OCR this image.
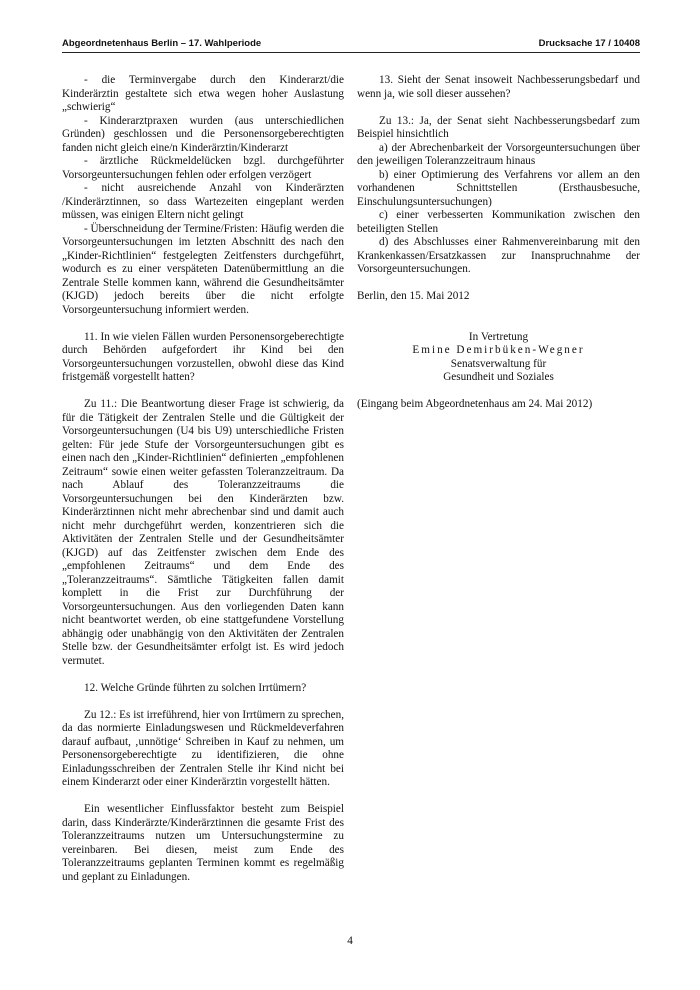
Abgeordnetenhaus Berlin – 17. Wahlperiode	Drucksache 17 / 10408

- die Terminvergabe durch den Kinderarzt/die Kinderärztin gestaltete sich etwa wegen hoher Auslastung „schwierig“

- Kinderarztpraxen wurden (aus unterschiedlichen Gründen) geschlossen und die Personensorgeberechtigten fanden nicht gleich eine/n Kinderärztin/Kinderarzt

- ärztliche Rückmeldelücken bzgl. durchgeführter Vorsorgeuntersuchungen fehlen oder erfolgen verzögert

- nicht ausreichende Anzahl von Kinderärzten /Kinderärztinnen, so dass Wartezeiten eingeplant werden müssen, was einigen Eltern nicht gelingt

- Überschneidung der Termine/Fristen: Häufig werden die Vorsorgeuntersuchungen im letzten Abschnitt des nach den „Kinder-Richtlinien“ festgelegten Zeitfensters durchgeführt, wodurch es zu einer verspäteten Datenübermittlung an die Zentrale Stelle kommen kann, während die Gesundheitsämter (KJGD) jedoch bereits über die nicht erfolgte Vorsorgeuntersuchung informiert werden.

11. In wie vielen Fällen wurden Personensorgeberechtigte durch Behörden aufgefordert ihr Kind bei den Vorsorgeuntersuchungen vorzustellen, obwohl diese das Kind fristgemäß vorgestellt hatten?

Zu 11.: Die Beantwortung dieser Frage ist schwierig, da für die Tätigkeit der Zentralen Stelle und die Gültigkeit der Vorsorgeuntersuchungen (U4 bis U9) unterschiedliche Fristen gelten: Für jede Stufe der Vorsorgeuntersuchungen gibt es einen nach den „Kinder-Richtlinien“ definierten „empfohlenen Zeitraum“ sowie einen weiter gefassten Toleranzzeitraum. Da nach Ablauf des Toleranzzeitraums die Vorsorgeuntersuchungen bei den Kinderärzten bzw. Kinderärztinnen nicht mehr abrechenbar sind und damit auch nicht mehr durchgeführt werden, konzentrieren sich die Aktivitäten der Zentralen Stelle und der Gesundheitsämter (KJGD) auf das Zeitfenster zwischen dem Ende des „empfohlenen Zeitraums“ und dem Ende des „Toleranzzeitraums“. Sämtliche Tätigkeiten fallen damit komplett in die Frist zur Durchführung der Vorsorgeuntersuchungen. Aus den vorliegenden Daten kann nicht beantwortet werden, ob eine stattgefundene Vorstellung abhängig oder unabhängig von den Aktivitäten der Zentralen Stelle bzw. der Gesundheitsämter erfolgt ist. Es wird jedoch vermutet.

12. Welche Gründe führten zu solchen Irrtümern?

Zu 12.: Es ist irreführend, hier von Irrtümern zu sprechen, da das normierte Einladungswesen und Rückmeldeverfahren darauf aufbaut, ‚unnötige‘ Schreiben in Kauf zu nehmen, um Personensorgeberechtigte zu identifizieren, die ohne Einladungsschreiben der Zentralen Stelle ihr Kind nicht bei einem Kinderarzt oder einer Kinderärztin vorgestellt hätten.

Ein wesentlicher Einflussfaktor besteht zum Beispiel darin, dass Kinderärzte/Kinderärztinnen die gesamte Frist des Toleranzzeitraums nutzen um Untersuchungstermine zu vereinbaren. Bei diesen, meist zum Ende des Toleranzzeitraums geplanten Terminen kommt es regelmäßig und geplant zu Einladungen.

13. Sieht der Senat insoweit Nachbesserungsbedarf und wenn ja, wie soll dieser aussehen?

Zu 13.: Ja, der Senat sieht Nachbesserungsbedarf zum Beispiel hinsichtlich

a) der Abrechenbarkeit der Vorsorgeuntersuchungen über den jeweiligen Toleranzzeitraum hinaus

b) einer Optimierung des Verfahrens vor allem an den vorhandenen Schnittstellen (Ersthausbesuche, Einschulungsuntersuchungen)

c) einer verbesserten Kommunikation zwischen den beteiligten Stellen

d) des Abschlusses einer Rahmenvereinbarung mit den Krankenkassen/Ersatzkassen zur Inanspruchnahme der Vorsorgeuntersuchungen.

Berlin, den 15. Mai 2012

In Vertretung

Emine Demirbüken-Wegner

Senatsverwaltung für

Gesundheit und Soziales

(Eingang beim Abgeordnetenhaus am 24. Mai 2012)

4
